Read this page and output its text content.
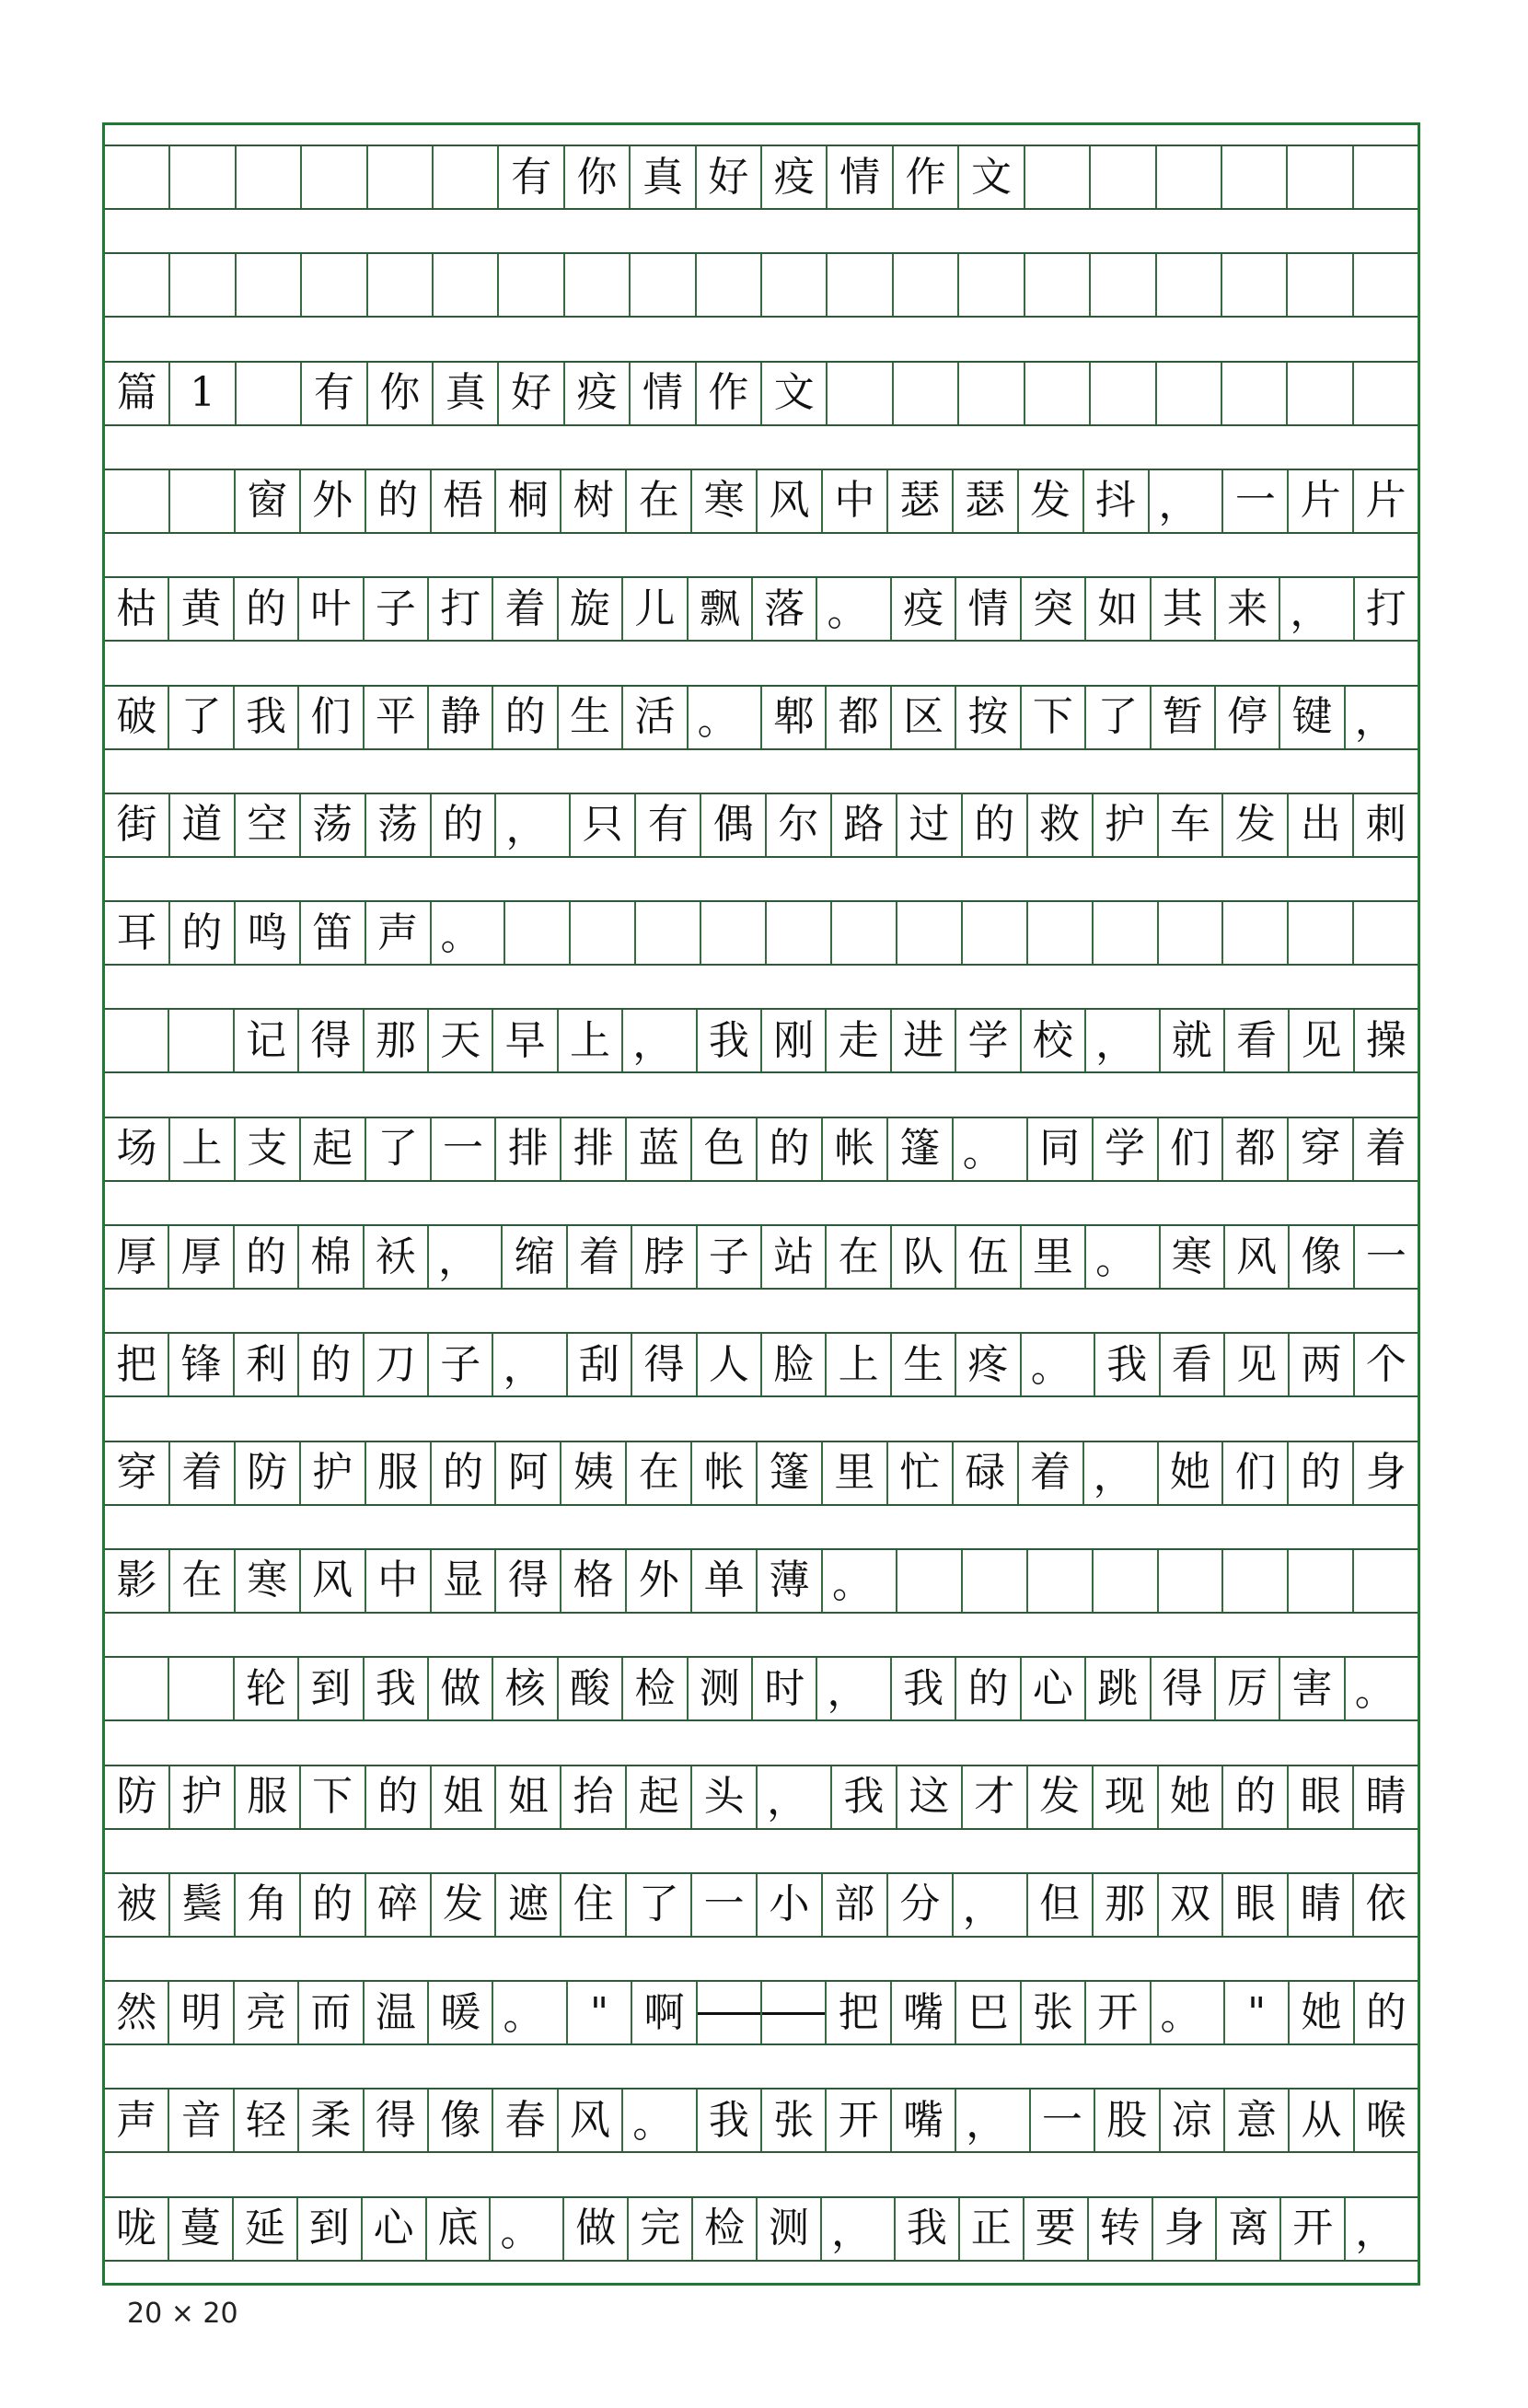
有 你 真 好 疫 情 作 文
篇 1	有 你 真 好 疫 情 作 文
窗 外 的 梧 桐 树 在 寒 风 中 瑟 瑟 发 抖 ， 一 片 片
枯 黄 的 叶 子 打 着 旋 儿 飘 落 。 疫 情 突 如 其 来 ， 打
破 了 我 们 平 静 的 生 活 。 郫 都 区 按 下 了 暂 停 键 ，
街 道 空 荡 荡 的 ， 只 有 偶 尔 路 过 的 救 护 车 发 出 刺
耳 的 鸣 笛 声 。
记 得 那 天 早 上 ， 我 刚 走 进 学 校 ， 就 看 见 操
场 上 支 起 了 一 排 排 蓝 色 的 帐 篷 。 同 学 们 都 穿 着
厚 厚 的 棉 袄 ， 缩 着 脖 子 站 在 队 伍 里 。 寒 风 像 一
把 锋 利 的 刀 子 ， 刮 得 人 脸 上 生 疼 。 我 看 见 两 个
穿 着 防 护 服 的 阿 姨 在 帐 篷 里 忙 碌 着 ， 她 们 的 身
影 在 寒 风 中 显 得 格 外 单 薄 。
轮 到 我 做 核 酸 检 测 时 ， 我 的 心 跳 得 厉 害 。
防 护 服 下 的 姐 姐 抬 起 头 ， 我 这 才 发 现 她 的 眼 睛
被 鬓 角 的 碎 发 遮 住 了 一 小 部 分 ， 但 那 双 眼 睛 依
然 明 亮 而 温 暖 。	" 啊	把 嘴 巴 张 开 。	" 她 的
声 音 轻 柔 得 像 春 风 。 我 张 开 嘴 ， 一 股 凉 意 从 喉
咙 蔓 延 到 心 底 。 做 完 检 测 ， 我 正 要 转 身 离 开 ，
20 × 20
